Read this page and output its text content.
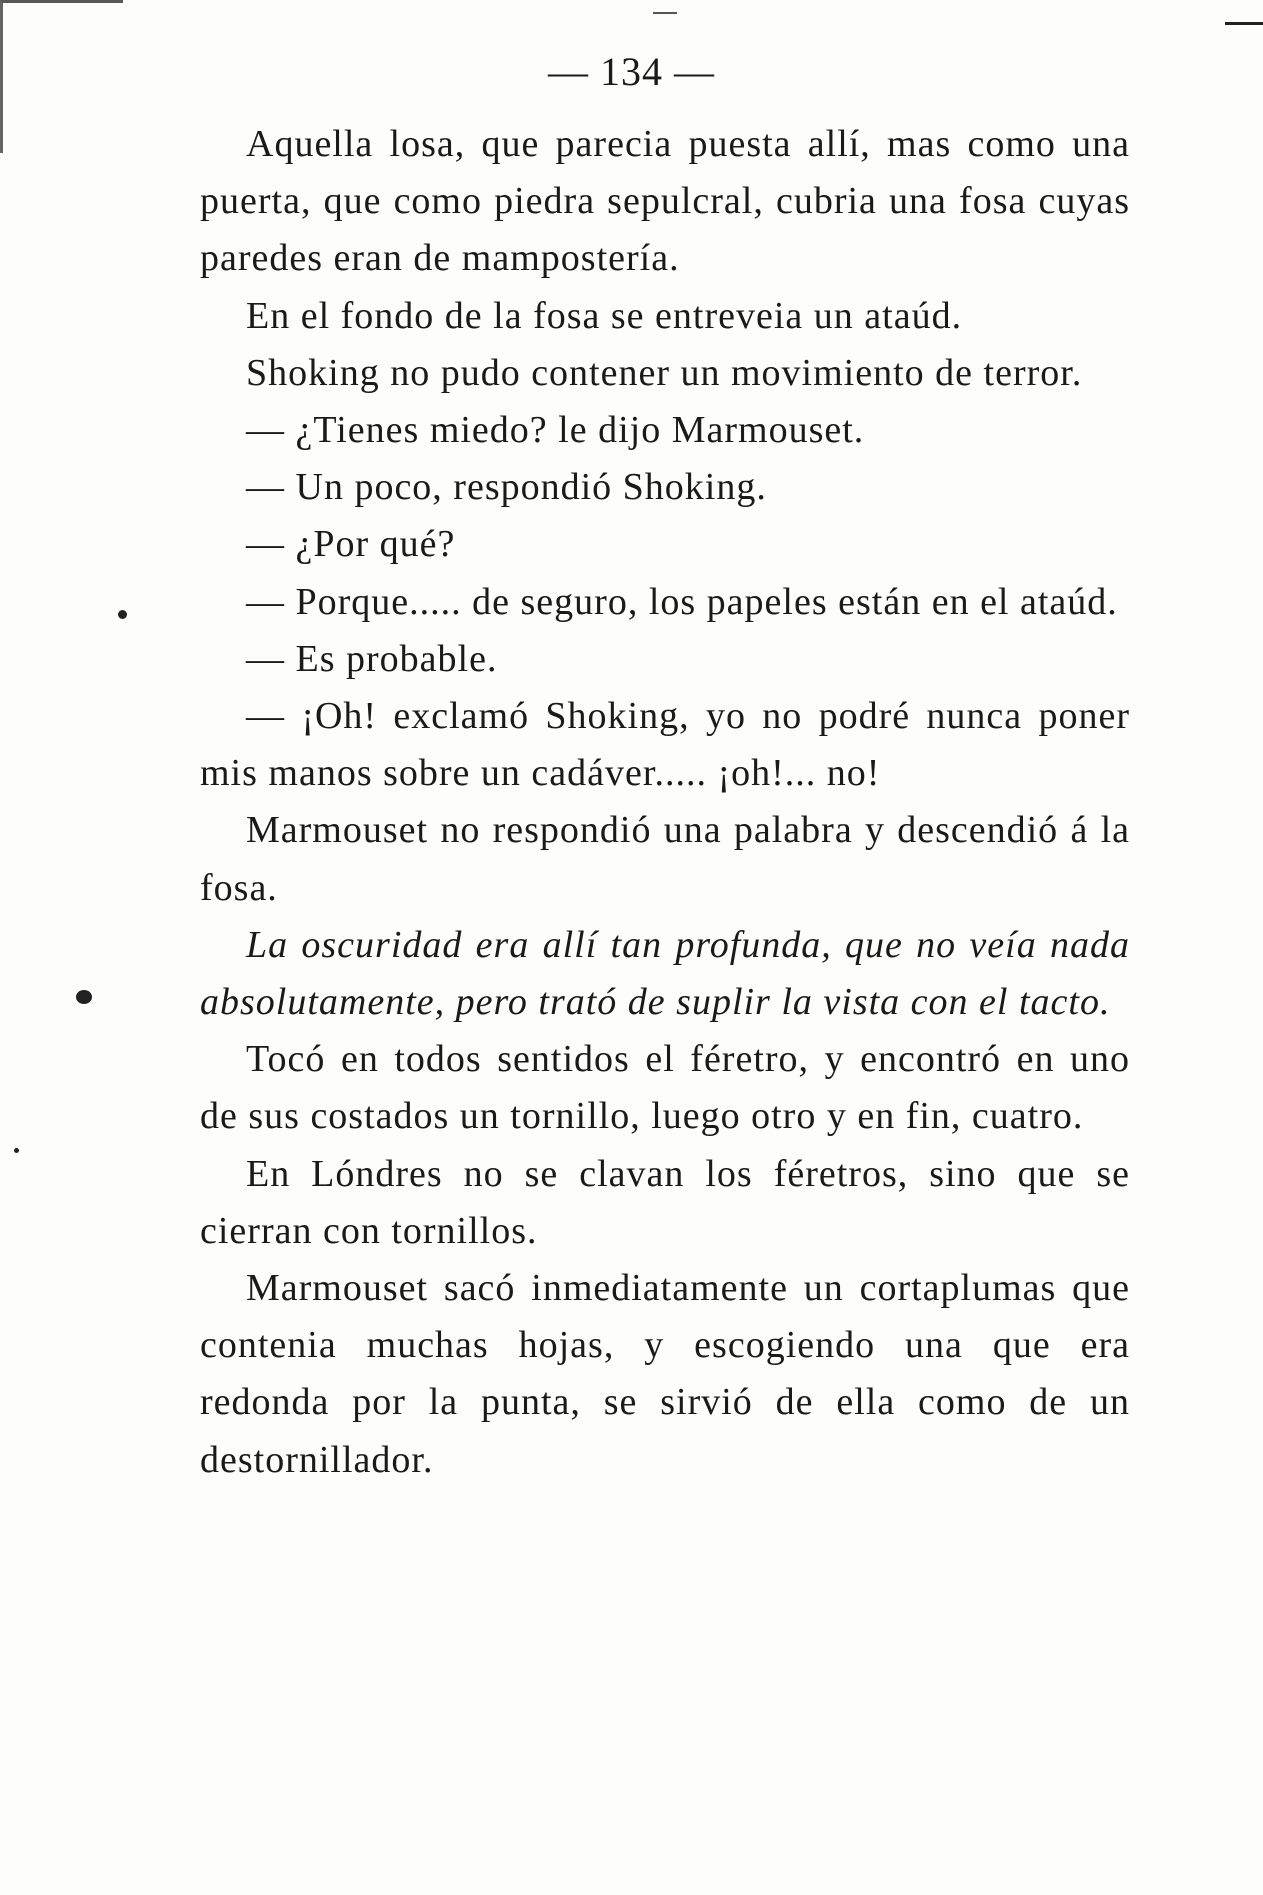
— 134 —

Aquella losa, que parecia puesta allí, mas como una puerta, que como piedra sepulcral, cubria una fosa cuyas paredes eran de mampostería.

En el fondo de la fosa se entreveia un ataúd.

Shoking no pudo contener un movimiento de terror.

— ¿Tienes miedo? le dijo Marmouset.

— Un poco, respondió Shoking.

— ¿Por qué?

— Porque..... de seguro, los papeles están en el ataúd.

— Es probable.

— ¡Oh! exclamó Shoking, yo no podré nunca poner mis manos sobre un cadáver..... ¡oh!... no!

Marmouset no respondió una palabra y descendió á la fosa.

La oscuridad era allí tan profunda, que no veía nada absolutamente, pero trató de suplir la vista con el tacto.

Tocó en todos sentidos el féretro, y encontró en uno de sus costados un tornillo, luego otro y en fin, cuatro.

En Lóndres no se clavan los féretros, sino que se cierran con tornillos.

Marmouset sacó inmediatamente un cortaplumas que contenia muchas hojas, y escogiendo una que era redonda por la punta, se sirvió de ella como de un destornillador.
